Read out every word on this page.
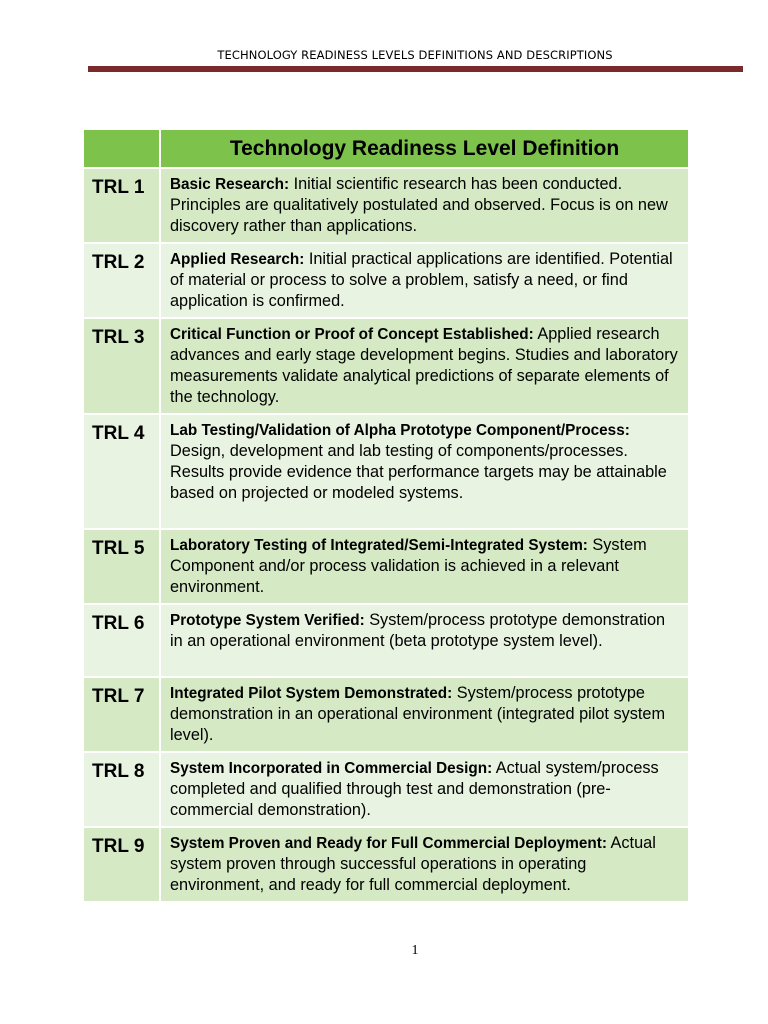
TECHNOLOGY READINESS LEVELS DEFINITIONS AND DESCRIPTIONS
	Technology Readiness Level Definition
TRL 1	Basic Research: Initial scientific research has been conducted. Principles are qualitatively postulated and observed. Focus is on new discovery rather than applications.
TRL 2	Applied Research: Initial practical applications are identified. Potential of material or process to solve a problem, satisfy a need, or find application is confirmed.
TRL 3	Critical Function or Proof of Concept Established: Applied research advances and early stage development begins. Studies and laboratory measurements validate analytical predictions of separate elements of the technology.
TRL 4	Lab Testing/Validation of Alpha Prototype Component/Process: Design, development and lab testing of components/processes. Results provide evidence that performance targets may be attainable based on projected or modeled systems.
TRL 5	Laboratory Testing of Integrated/Semi-Integrated System: System Component and/or process validation is achieved in a relevant environment.
TRL 6	Prototype System Verified: System/process prototype demonstration in an operational environment (beta prototype system level).
TRL 7	Integrated Pilot System Demonstrated: System/process prototype demonstration in an operational environment (integrated pilot system level).
TRL 8	System Incorporated in Commercial Design: Actual system/process completed and qualified through test and demonstration (pre-commercial demonstration).
TRL 9	System Proven and Ready for Full Commercial Deployment: Actual system proven through successful operations in operating environment, and ready for full commercial deployment.
1
